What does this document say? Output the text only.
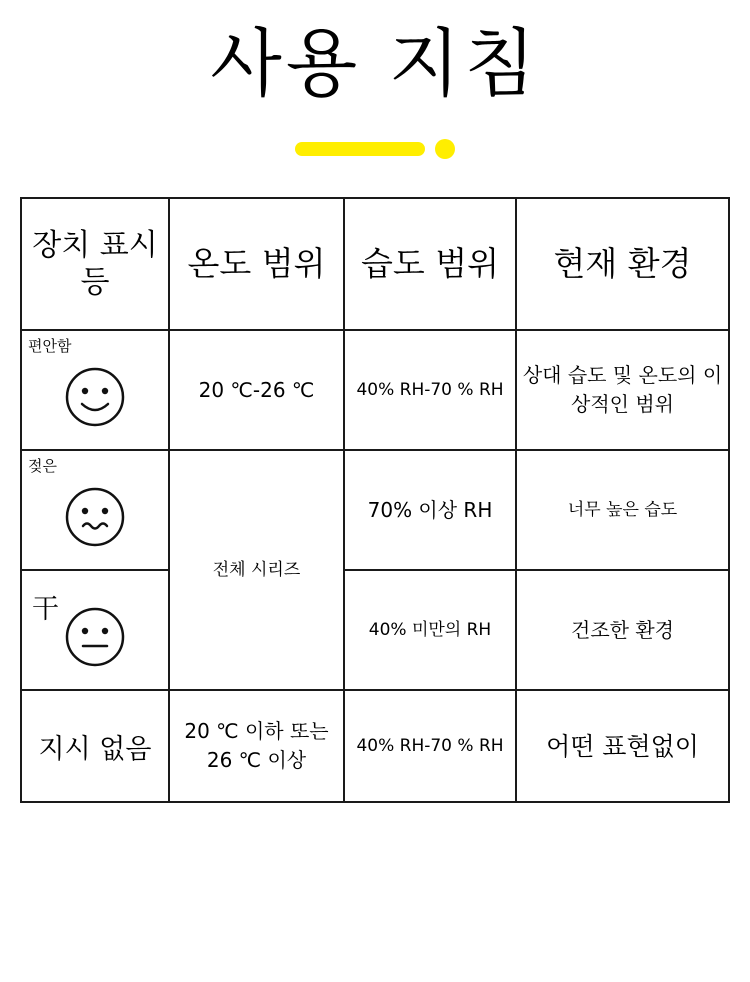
사용 지침
장치 표시등	온도 범위	습도 범위	현재 환경

편안함	20 ℃-26 ℃	40% RH-70 % RH	상대 습도 및 온도의 이상적인 범위

젖은	전체 시리즈	70% 이상 RH	너무 높은 습도

干		40% 미만의 RH	건조한 환경
지시 없음	20 ℃ 이하 또는 26 ℃ 이상	40% RH-70 % RH	어떤 표현없이
